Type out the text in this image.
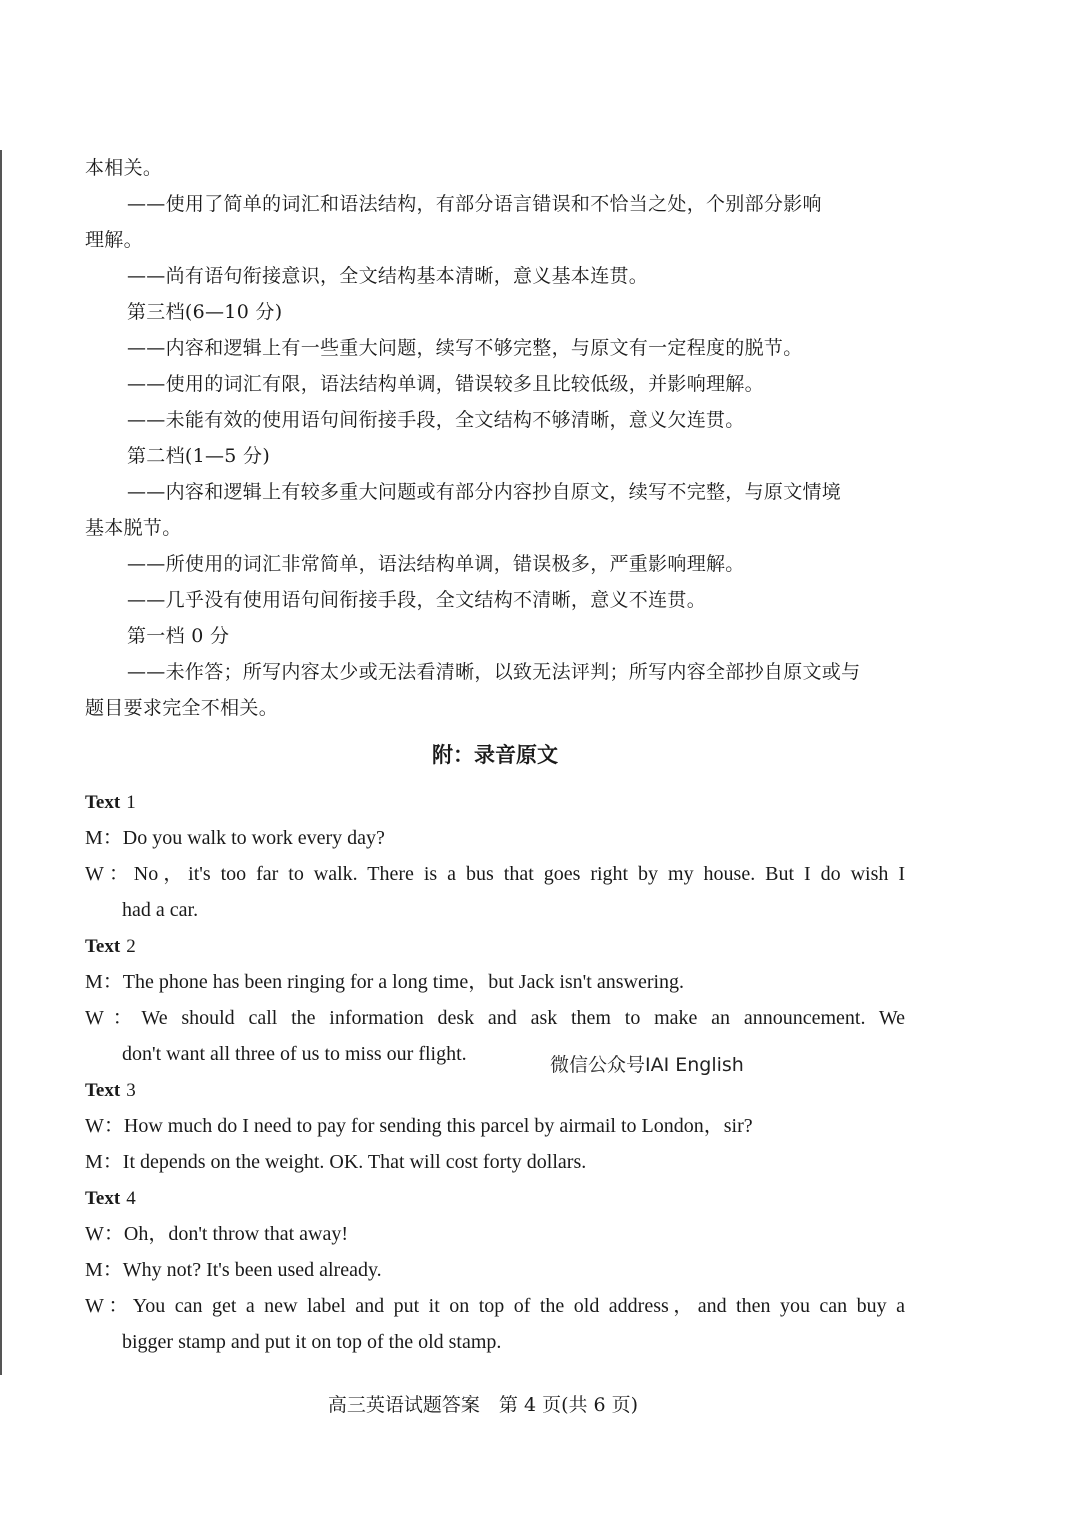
本相关。
——使用了简单的词汇和语法结构，有部分语言错误和不恰当之处，个别部分影响
理解。
——尚有语句衔接意识，全文结构基本清晰，意义基本连贯。
第三档(6—10 分)
——内容和逻辑上有一些重大问题，续写不够完整，与原文有一定程度的脱节。
——使用的词汇有限，语法结构单调，错误较多且比较低级，并影响理解。
——未能有效的使用语句间衔接手段，全文结构不够清晰，意义欠连贯。
第二档(1—5 分)
——内容和逻辑上有较多重大问题或有部分内容抄自原文，续写不完整，与原文情境
基本脱节。
——所使用的词汇非常简单，语法结构单调，错误极多，严重影响理解。
——几乎没有使用语句间衔接手段，全文结构不清晰，意义不连贯。
第一档 0 分
——未作答；所写内容太少或无法看清晰，以致无法评判；所写内容全部抄自原文或与
题目要求完全不相关。
附：录音原文
Text 1
M：Do you walk to work every day?
W：No，it's too far to walk. There is a bus that goes right by my house. But I do wish I
had a car.
Text 2
M：The phone has been ringing for a long time，but Jack isn't answering.
W：We should call the information desk and ask them to make an announcement. We
don't want all three of us to miss our flight.
Text 3
W：How much do I need to pay for sending this parcel by airmail to London，sir?
M：It depends on the weight. OK. That will cost forty dollars.
Text 4
W：Oh，don't throw that away!
M：Why not? It's been used already.
W：You can get a new label and put it on top of the old address，and then you can buy a
bigger stamp and put it on top of the old stamp.
微信公众号IAI English
高三英语试题答案　第 4 页(共 6 页)
